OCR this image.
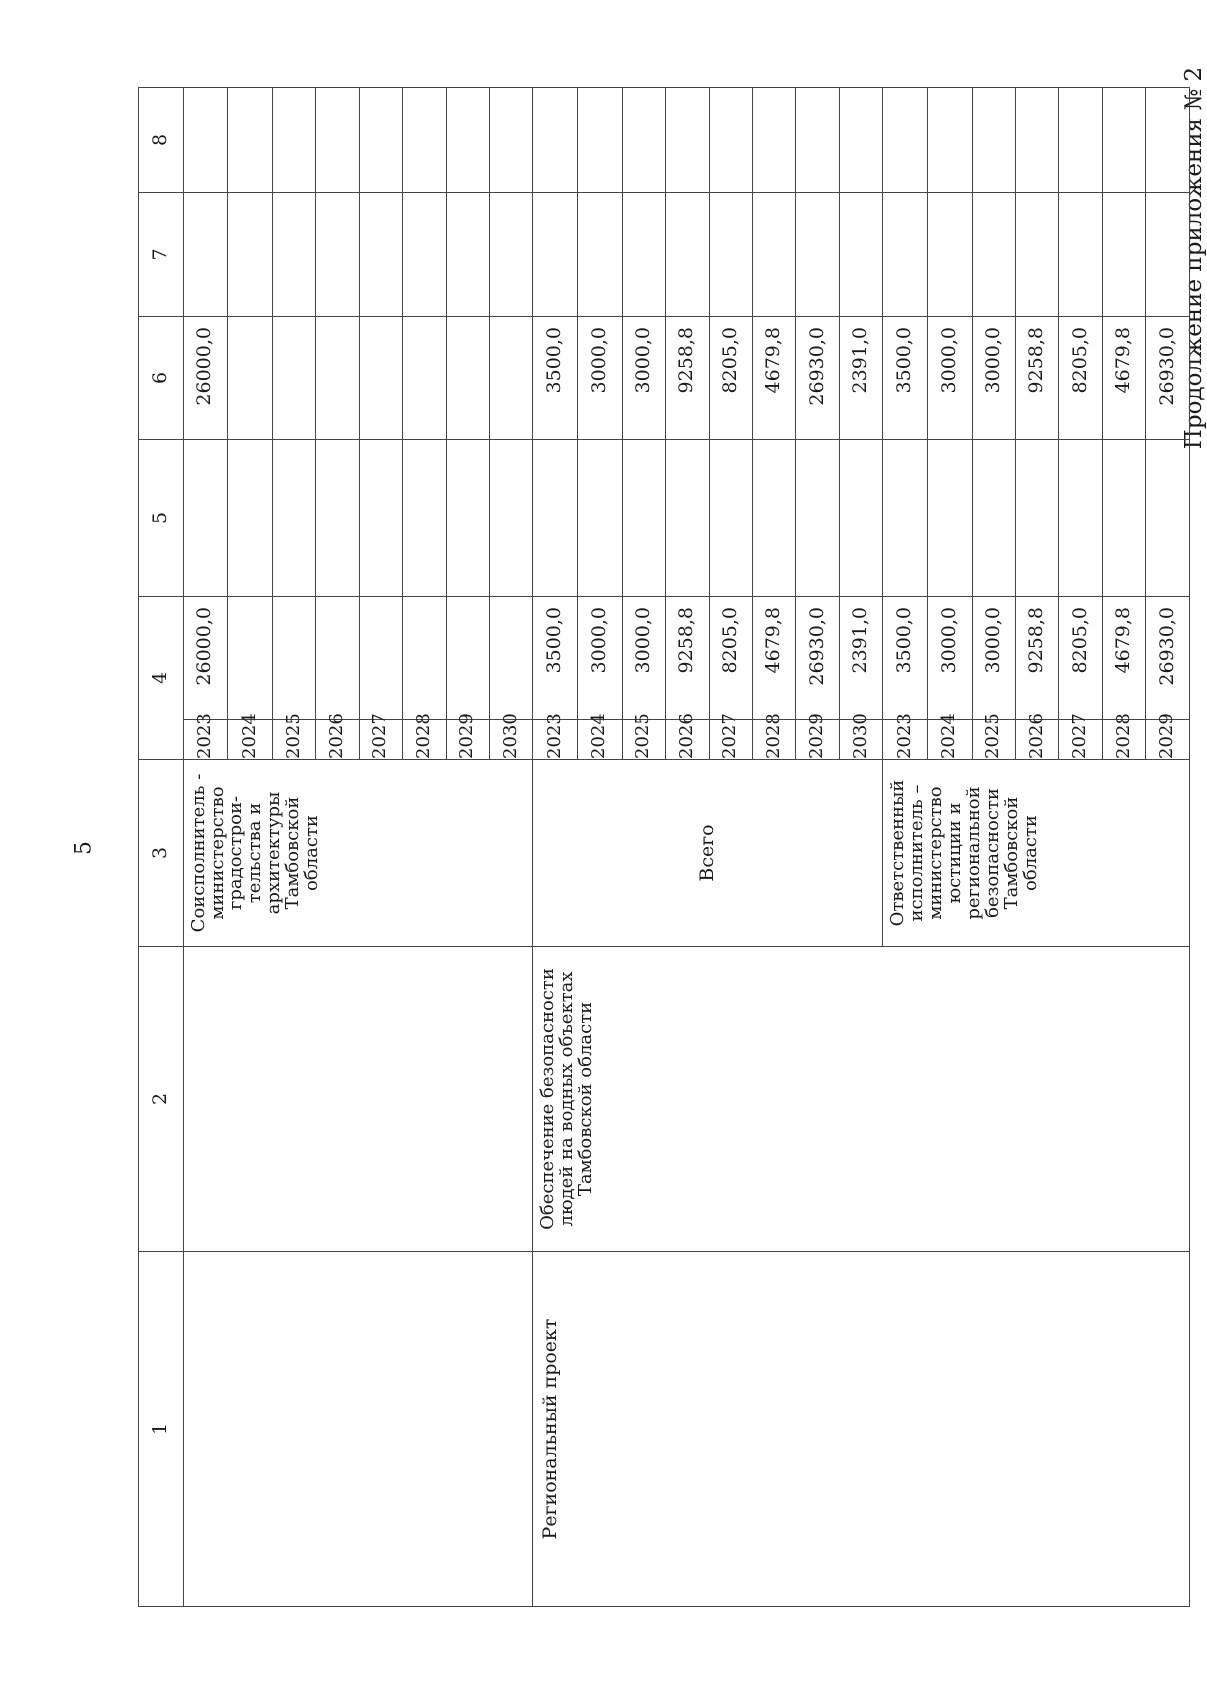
5
Продолжение приложения № 2
1	2	3	4		5	6	7	8
		Соисполнитель - министерство градострои-тельства и архитектуры Тамбовской области	2023	26000,0		26000,0		
			2024					
			2025					
			2026					
			2027					
			2028					
			2029					
			2030					
Региональный проект	Обеспечение безопасности людей на водных объектах Тамбовской области	Всего	2023	3500,0		3500,0		
			2024	3000,0		3000,0		
			2025	3000,0		3000,0		
			2026	9258,8		9258,8		
			2027	8205,0		8205,0		
			2028	4679,8		4679,8		
			2029	26930,0		26930,0		
			2030	2391,0		2391,0		
		Ответственный исполнитель – министерство юстиции и региональной безопасности Тамбовской области	2023	3500,0		3500,0		
			2024	3000,0		3000,0		
			2025	3000,0		3000,0		
			2026	9258,8		9258,8		
			2027	8205,0		8205,0		
			2028	4679,8		4679,8		
			2029	26930,0		26930,0		
